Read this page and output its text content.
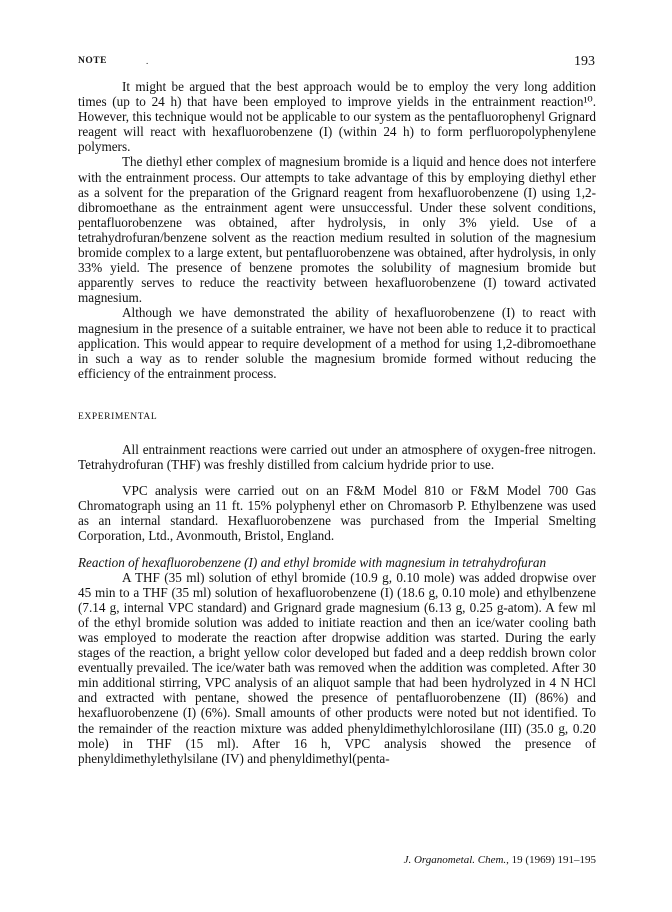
NOTE	.	193

It might be argued that the best approach would be to employ the very long addition times (up to 24 h) that have been employed to improve yields in the entrainment reaction¹⁰. However, this technique would not be applicable to our system as the pentafluorophenyl Grignard reagent will react with hexafluorobenzene (I) (within 24 h) to form perfluoropolyphenylene polymers.

The diethyl ether complex of magnesium bromide is a liquid and hence does not interfere with the entrainment process. Our attempts to take advantage of this by employing diethyl ether as a solvent for the preparation of the Grignard reagent from hexafluorobenzene (I) using 1,2-dibromoethane as the entrainment agent were unsuccessful. Under these solvent conditions, pentafluorobenzene was obtained, after hydrolysis, in only 3% yield. Use of a tetrahydrofuran/benzene solvent as the reaction medium resulted in solution of the magnesium bromide complex to a large extent, but pentafluorobenzene was obtained, after hydrolysis, in only 33% yield. The presence of benzene promotes the solubility of magnesium bromide but apparently serves to reduce the reactivity between hexafluorobenzene (I) toward activated magnesium.

Although we have demonstrated the ability of hexafluorobenzene (I) to react with magnesium in the presence of a suitable entrainer, we have not been able to reduce it to practical application. This would appear to require development of a method for using 1,2-dibromoethane in such a way as to render soluble the magnesium bromide formed without reducing the efficiency of the entrainment process.

EXPERIMENTAL

All entrainment reactions were carried out under an atmosphere of oxygen-free nitrogen. Tetrahydrofuran (THF) was freshly distilled from calcium hydride prior to use.

VPC analysis were carried out on an F&M Model 810 or F&M Model 700 Gas Chromatograph using an 11 ft. 15% polyphenyl ether on Chromasorb P. Ethylbenzene was used as an internal standard. Hexafluorobenzene was purchased from the Imperial Smelting Corporation, Ltd., Avonmouth, Bristol, England.

Reaction of hexafluorobenzene (I) and ethyl bromide with magnesium in tetrahydrofuran

A THF (35 ml) solution of ethyl bromide (10.9 g, 0.10 mole) was added dropwise over 45 min to a THF (35 ml) solution of hexafluorobenzene (I) (18.6 g, 0.10 mole) and ethylbenzene (7.14 g, internal VPC standard) and Grignard grade magnesium (6.13 g, 0.25 g-atom). A few ml of the ethyl bromide solution was added to initiate reaction and then an ice/water cooling bath was employed to moderate the reaction after dropwise addition was started. During the early stages of the reaction, a bright yellow color developed but faded and a deep reddish brown color eventually prevailed. The ice/water bath was removed when the addition was completed. After 30 min additional stirring, VPC analysis of an aliquot sample that had been hydrolyzed in 4 N HCl and extracted with pentane, showed the presence of pentafluorobenzene (II) (86%) and hexafluorobenzene (I) (6%). Small amounts of other products were noted but not identified. To the remainder of the reaction mixture was added phenyldimethylchlorosilane (III) (35.0 g, 0.20 mole) in THF (15 ml). After 16 h, VPC analysis showed the presence of phenyldimethylethylsilane (IV) and phenyldimethyl(penta-

J. Organometal. Chem., 19 (1969) 191–195
